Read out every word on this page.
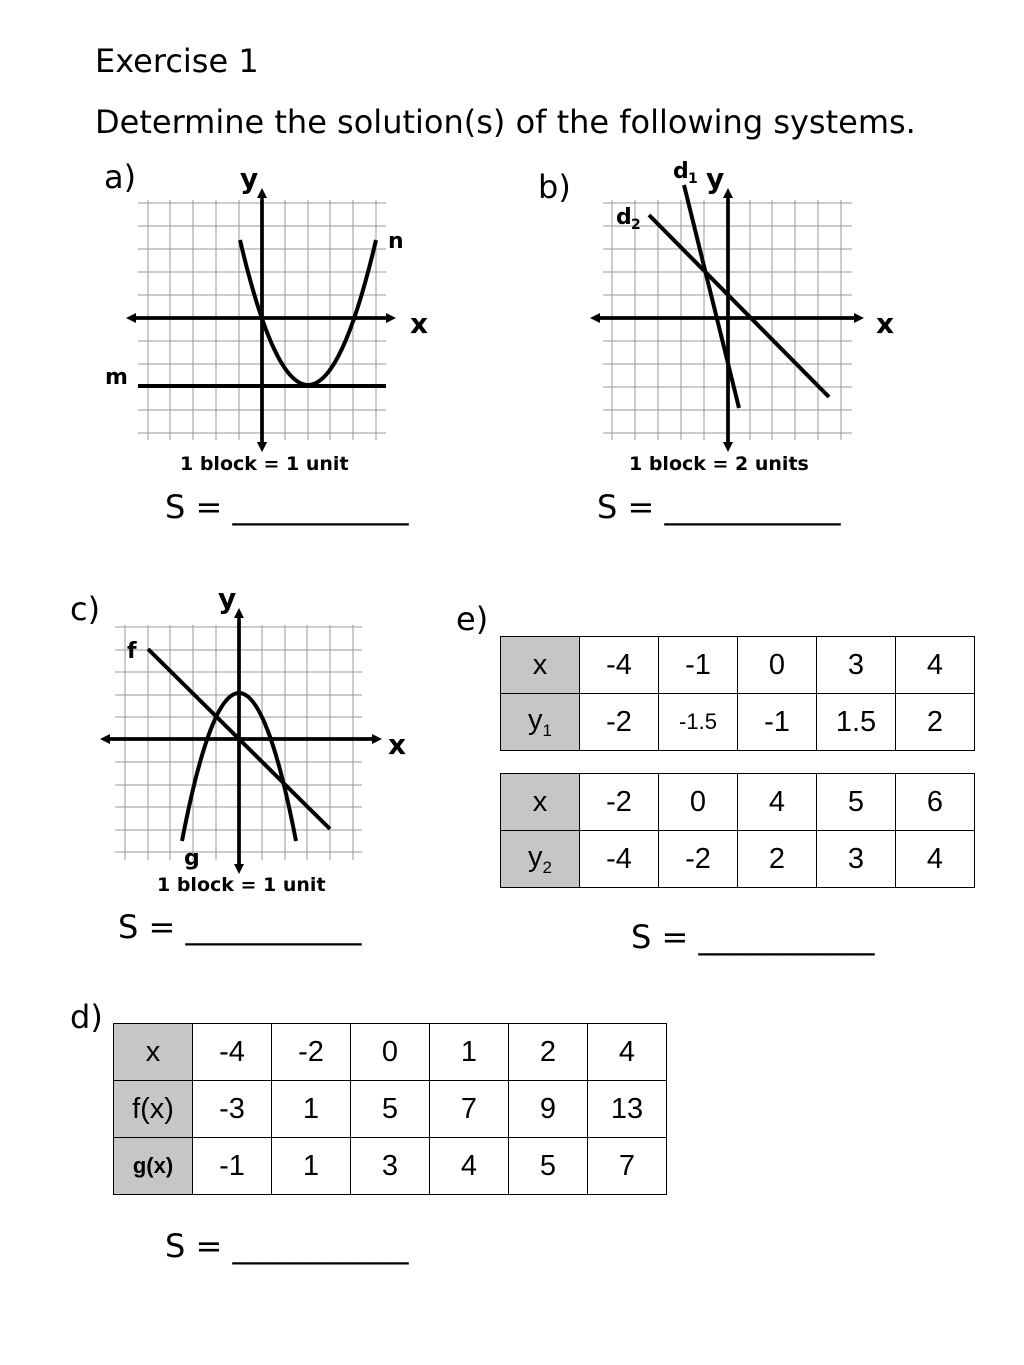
Exercise 1
Determine the solution(s) of the following systems.
a)	y
x
n
m
y
x
d 1
d 2
y
x
f
g
1 block = 1 unit
S = ___________
b)
1 block = 2 units
S = ___________
c)
1 block = 1 unit
S = ___________
e)
x	-4	-1	0	3	4
$y_1$	-2	-1.5	-1	1.5	2
x	-2	0	4	5	6
$y_2$	-4	-2	2	3	4
S = ___________
d)
x	-4	-2	0	1	2	4
f(x)	-3	1	5	7	9	13
g(x)	-1	1	3	4	5	7
S = ___________
